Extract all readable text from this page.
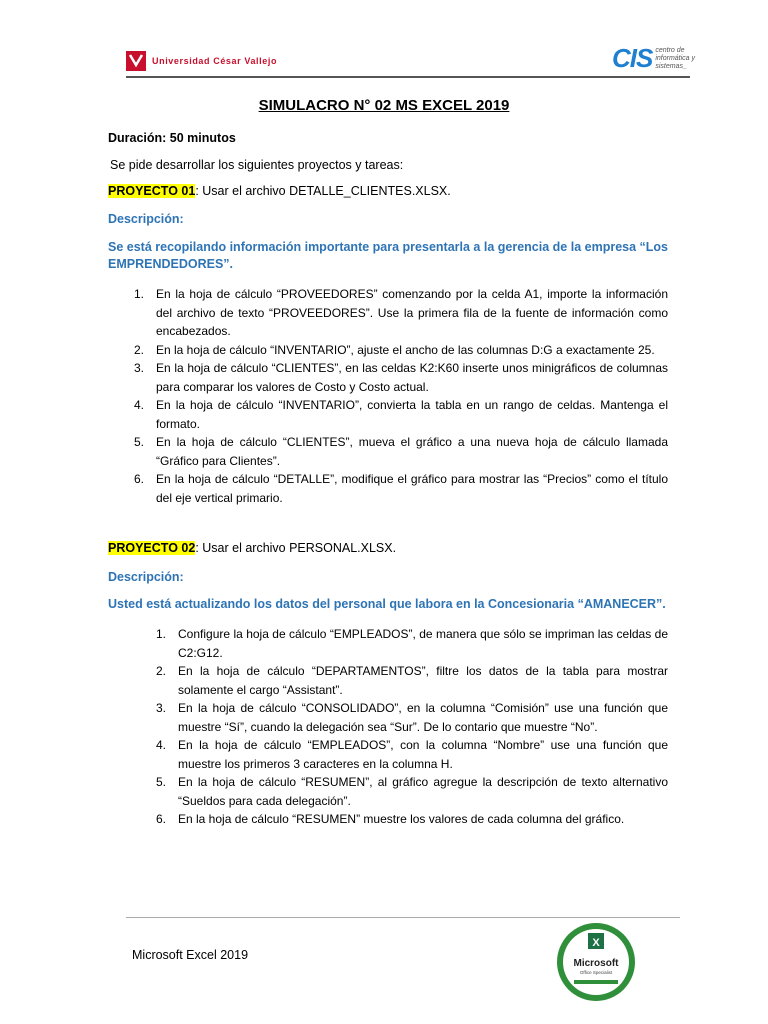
Universidad César Vallejo	CIS centro de informática y sistemas_
SIMULACRO N° 02 MS EXCEL 2019
Duración: 50 minutos
Se pide desarrollar los siguientes proyectos y tareas:
PROYECTO 01: Usar el archivo DETALLE_CLIENTES.XLSX.
Descripción:
Se está recopilando información importante para presentarla a la gerencia de la empresa “Los EMPRENDEDORES”.
1. En la hoja de cálculo “PROVEEDORES” comenzando por la celda A1, importe la información del archivo de texto “PROVEEDORES”. Use la primera fila de la fuente de información como encabezados.
2. En la hoja de cálculo “INVENTARIO”, ajuste el ancho de las columnas D:G a exactamente 25.
3. En la hoja de cálculo “CLIENTES”, en las celdas K2:K60 inserte unos minigráficos de columnas para comparar los valores de Costo y Costo actual.
4. En la hoja de cálculo “INVENTARIO”, convierta la tabla en un rango de celdas. Mantenga el formato.
5. En la hoja de cálculo “CLIENTES”, mueva el gráfico a una nueva hoja de cálculo llamada “Gráfico para Clientes”.
6. En la hoja de cálculo “DETALLE”, modifique el gráfico para mostrar las “Precios” como el título del eje vertical primario.
PROYECTO 02: Usar el archivo PERSONAL.XLSX.
Descripción:
Usted está actualizando los datos del personal que labora en la Concesionaria “AMANECER”.
1. Configure la hoja de cálculo “EMPLEADOS”, de manera que sólo se impriman las celdas de C2:G12.
2. En la hoja de cálculo “DEPARTAMENTOS”, filtre los datos de la tabla para mostrar solamente el cargo “Assistant”.
3. En la hoja de cálculo “CONSOLIDADO”, en la columna “Comisión” use una función que muestre “Sí”, cuando la delegación sea “Sur”. De lo contario que muestre “No”.
4. En la hoja de cálculo “EMPLEADOS”, con la columna “Nombre” use una función que muestre los primeros 3 caracteres en la columna H.
5. En la hoja de cálculo “RESUMEN”, al gráfico agregue la descripción de texto alternativo “Sueldos para cada delegación”.
6. En la hoja de cálculo “RESUMEN” muestre los valores de cada columna del gráfico.
Microsoft Excel 2019
X
Microsoft
Office Specialist
